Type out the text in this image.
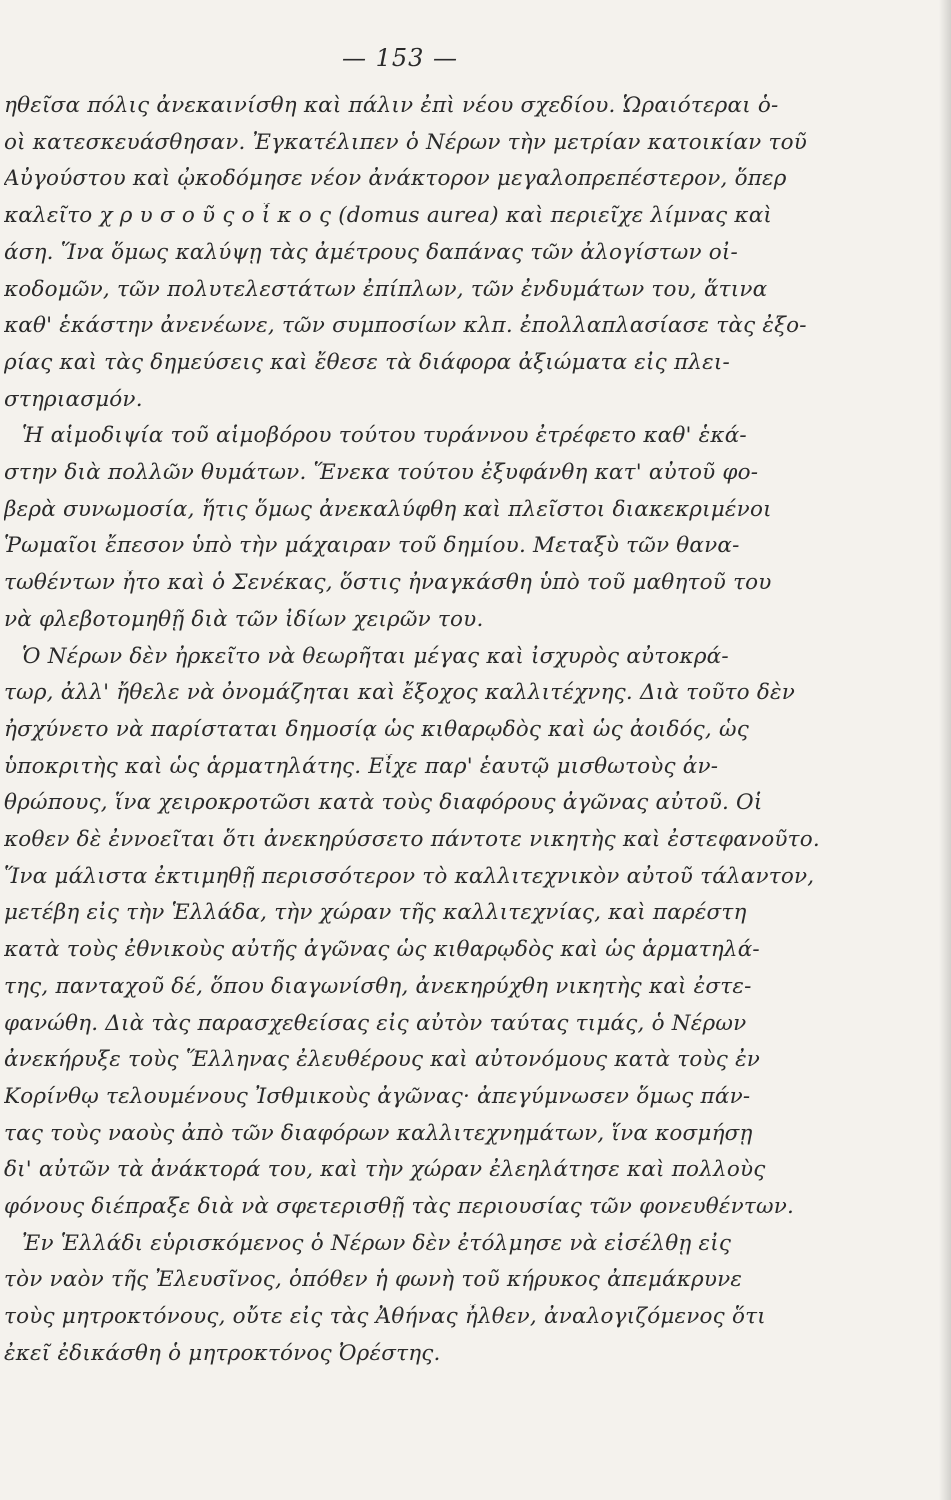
— 153 —
ηθεῖσα πόλις ἀνεκαινίσθη καὶ πάλιν ἐπὶ νέου σχεδίου. Ὡραιότεραι ὁ-
οὶ κατεσκευάσθησαν. Ἐγκατέλιπεν ὁ Νέρων τὴν μετρίαν κατοικίαν τοῦ
Αὐγούστου καὶ ᾠκοδόμησε νέον ἀνάκτορον μεγαλοπρεπέστερον, ὅπερ
καλεῖτο χ ρ υ σ ο ῦ ς ο ἶ κ ο ς (domus aurea) καὶ περιεῖχε λίμνας καὶ
άση. Ἵνα ὅμως καλύψῃ τὰς ἀμέτρους δαπάνας τῶν ἀλογίστων οἰ-
κοδομῶν, τῶν πολυτελεστάτων ἐπίπλων, τῶν ἐνδυμάτων του, ἅτινα
καθ' ἑκάστην ἀνενέωνε, τῶν συμποσίων κλπ. ἐπολλαπλασίασε τὰς ἐξο-
ρίας καὶ τὰς δημεύσεις καὶ ἔθεσε τὰ διάφορα ἀξιώματα εἰς πλει-
στηριασμόν.
Ἡ αἱμοδιψία τοῦ αἱμοβόρου τούτου τυράννου ἐτρέφετο καθ' ἑκά-
στην διὰ πολλῶν θυμάτων. Ἕνεκα τούτου ἐξυφάνθη κατ' αὐτοῦ φο-
βερὰ συνωμοσία, ἥτις ὅμως ἀνεκαλύφθη καὶ πλεῖστοι διακεκριμένοι
Ῥωμαῖοι ἔπεσον ὑπὸ τὴν μάχαιραν τοῦ δημίου. Μεταξὺ τῶν θανα-
τωθέντων ἦτο καὶ ὁ Σενέκας, ὅστις ἠναγκάσθη ὑπὸ τοῦ μαθητοῦ του
νὰ φλεβοτομηθῇ διὰ τῶν ἰδίων χειρῶν του.
Ὁ Νέρων δὲν ἠρκεῖτο νὰ θεωρῆται μέγας καὶ ἰσχυρὸς αὐτοκρά-
τωρ, ἀλλ' ἤθελε νὰ ὀνομάζηται καὶ ἔξοχος καλλιτέχνης. Διὰ τοῦτο δὲν
ἠσχύνετο νὰ παρίσταται δημοσίᾳ ὡς κιθαρῳδὸς καὶ ὡς ἀοιδός, ὡς
ὑποκριτὴς καὶ ὡς ἁρματηλάτης. Εἶχε παρ' ἑαυτῷ μισθωτοὺς ἀν-
θρώπους, ἵνα χειροκροτῶσι κατὰ τοὺς διαφόρους ἀγῶνας αὐτοῦ. Οἱ
κοθεν δὲ ἐννοεῖται ὅτι ἀνεκηρύσσετο πάντοτε νικητὴς καὶ ἐστεφανοῦτο.
Ἵνα μάλιστα ἐκτιμηθῇ περισσότερον τὸ καλλιτεχνικὸν αὐτοῦ τάλαντον,
μετέβη εἰς τὴν Ἑλλάδα, τὴν χώραν τῆς καλλιτεχνίας, καὶ παρέστη
κατὰ τοὺς ἐθνικοὺς αὐτῆς ἀγῶνας ὡς κιθαρῳδὸς καὶ ὡς ἁρματηλά-
της, πανταχοῦ δέ, ὅπου διαγωνίσθη, ἀνεκηρύχθη νικητὴς καὶ ἐστε-
φανώθη. Διὰ τὰς παρασχεθείσας εἰς αὐτὸν ταύτας τιμάς, ὁ Νέρων
ἀνεκήρυξε τοὺς Ἕλληνας ἐλευθέρους καὶ αὐτονόμους κατὰ τοὺς ἐν
Κορίνθῳ τελουμένους Ἰσθμικοὺς ἀγῶνας· ἀπεγύμνωσεν ὅμως πάν-
τας τοὺς ναοὺς ἀπὸ τῶν διαφόρων καλλιτεχνημάτων, ἵνα κοσμήσῃ
δι' αὐτῶν τὰ ἀνάκτορά του, καὶ τὴν χώραν ἐλεηλάτησε καὶ πολλοὺς
φόνους διέπραξε διὰ νὰ σφετερισθῇ τὰς περιουσίας τῶν φονευθέντων.
Ἐν Ἑλλάδι εὑρισκόμενος ὁ Νέρων δὲν ἐτόλμησε νὰ εἰσέλθῃ εἰς
τὸν ναὸν τῆς Ἐλευσῖνος, ὁπόθεν ἡ φωνὴ τοῦ κήρυκος ἀπεμάκρυνε
τοὺς μητροκτόνους, οὔτε εἰς τὰς Ἀθήνας ἦλθεν, ἀναλογιζόμενος ὅτι
ἐκεῖ ἐδικάσθη ὁ μητροκτόνος Ὀρέστης.
